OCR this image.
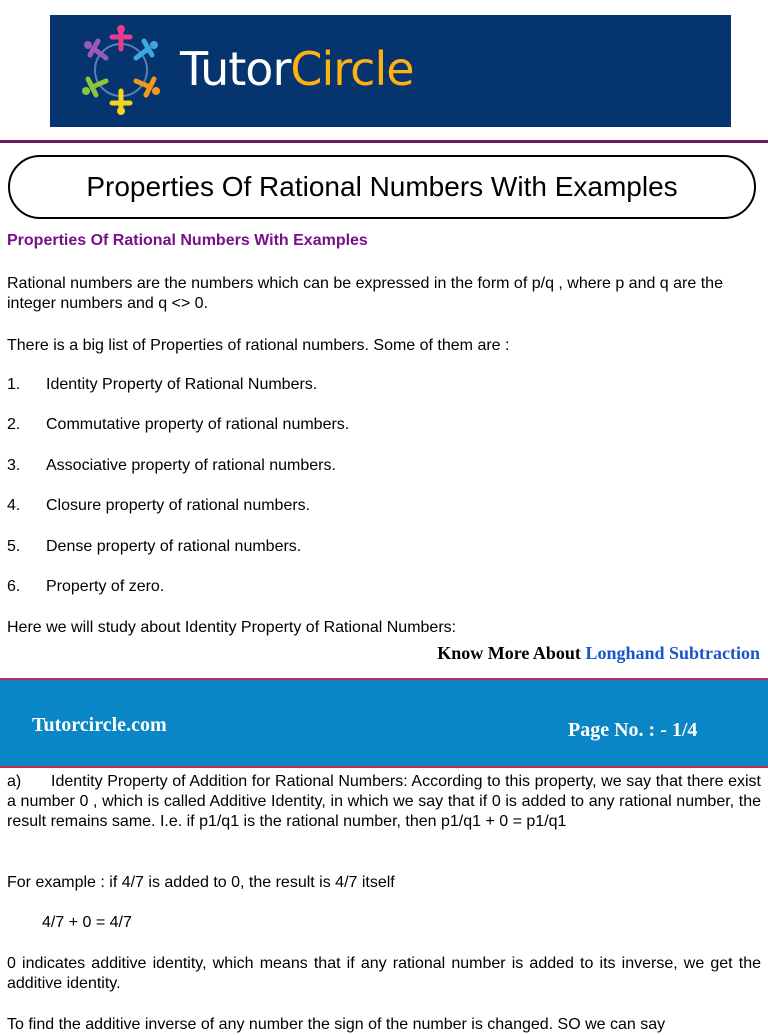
TutorCircle
Properties Of Rational Numbers With Examples
Properties Of Rational Numbers With Examples
Rational numbers are the numbers which can be expressed in the form of p/q , where p and q are the integer numbers and q <> 0.
There is a big list of Properties of rational numbers. Some of them are :
1. Identity Property of Rational Numbers.
2. Commutative property of rational numbers.
3. Associative property of rational numbers.
4. Closure property of rational numbers.
5. Dense property of rational numbers.
6. Property of zero.
Here we will study about Identity Property of Rational Numbers:
Know More About Longhand Subtraction
Tutorcircle.com	Page No. : - 1/4
a) Identity Property of Addition for Rational Numbers: According to this property, we say that there exist a number 0 , which is called Additive Identity, in which we say that if 0 is added to any rational number, the result remains same. I.e. if p1/q1 is the rational number, then p1/q1 + 0 = p1/q1
For example : if 4/7 is added to 0, the result is 4/7 itself
4/7 + 0 = 4/7
0 indicates additive identity, which means that if any rational number is added to its inverse, we get the additive identity.
To find the additive inverse of any number the sign of the number is changed. SO we can say
